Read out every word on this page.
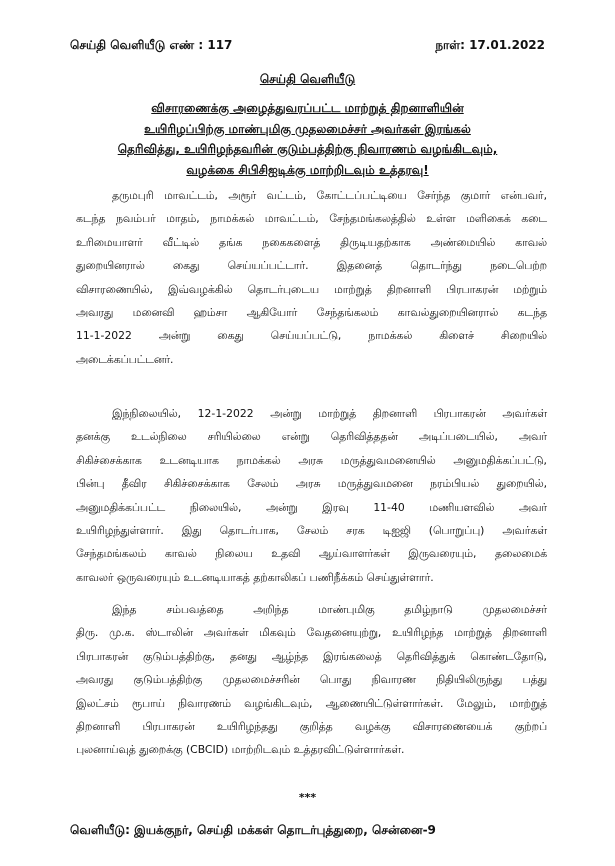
செய்தி வெளியீடு எண் : 117	நாள்: 17.01.2022
செய்தி வெளியீடு
விசாரணைக்கு அழைத்துவரப்பட்ட மாற்றுத் திறனாளியின்
உயிரிழப்பிற்கு மாண்புமிகு முதலமைச்சர் அவர்கள் இரங்கல்
தெரிவித்து, உயிரிழந்தவரின் குடும்பத்திற்கு நிவாரணம் வழங்கிடவும்,
வழக்கை சிபிசிஐடிக்கு மாற்றிடவும் உத்தரவு!
தருமபுரி மாவட்டம், அரூர் வட்டம், கோட்டப்பட்டியை சேர்ந்த குமார் என்பவர்,
கடந்த நவம்பர் மாதம், நாமக்கல் மாவட்டம், சேந்தமங்கலத்தில் உள்ள மளிகைக் கடை
உரிமையாளர் வீட்டில் தங்க நகைகளைத் திருடியதற்காக அண்மையில் காவல்
துறையினரால் கைது செய்யப்பட்டார். இதனைத் தொடர்ந்து நடைபெற்ற
விசாரணையில், இவ்வழக்கில் தொடர்புடைய மாற்றுத் திறனாளி பிரபாகரன் மற்றும்
அவரது மனைவி ஹம்சா ஆகியோர் சேந்தங்கலம் காவல்துறையினரால் கடந்த
11-1-2022 அன்று கைது செய்யப்பட்டு, நாமக்கல் கிளைச் சிறையில்
அடைக்கப்பட்டனர்.
இந்நிலையில், 12-1-2022 அன்று மாற்றுத் திறனாளி பிரபாகரன் அவர்கள்
தனக்கு உடல்நிலை சரியில்லை என்று தெரிவித்ததன் அடிப்படையில், அவர்
சிகிச்சைக்காக உடனடியாக நாமக்கல் அரசு மருத்துவமனையில் அனுமதிக்கப்பட்டு,
பின்பு தீவிர சிகிச்சைக்காக சேலம் அரசு மருத்துவமனை நரம்பியல் துறையில்,
அனுமதிக்கப்பட்ட நிலையில், அன்று இரவு 11-40 மணியளவில் அவர்
உயிரிழந்துள்ளார். இது தொடர்பாக, சேலம் சரக டிஐஜி (பொறுப்பு) அவர்கள்
சேந்தமங்கலம் காவல் நிலைய உதவி ஆய்வாளர்கள் இருவரையும், தலைமைக்
காவலர் ஒருவரையும் உடனடியாகத் தற்காலிகப் பணிநீக்கம் செய்துள்ளார்.
இந்த சம்பவத்தை அறிந்த மாண்புமிகு தமிழ்நாடு முதலமைச்சர்
திரு. மு.க. ஸ்டாலின் அவர்கள் மிகவும் வேதனையுற்று, உயிரிழந்த மாற்றுத் திறனாளி
பிரபாகரன் குடும்பத்திற்கு, தனது ஆழ்ந்த இரங்கலைத் தெரிவித்துக் கொண்டதோடு,
அவரது குடும்பத்திற்கு முதலமைச்சரின் பொது நிவாரண நிதியிலிருந்து பத்து
இலட்சம் ரூபாய் நிவாரணம் வழங்கிடவும், ஆணையிட்டுள்ளார்கள். மேலும், மாற்றுத்
திறனாளி பிரபாகரன் உயிரிழந்தது குறித்த வழக்கு விசாரணையைக் குற்றப்
புலனாய்வுத் துறைக்கு (CBCID) மாற்றிடவும் உத்தரவிட்டுள்ளார்கள்.
***
வெளியீடு: இயக்குநர், செய்தி மக்கள் தொடர்புத்துறை, சென்னை-9
